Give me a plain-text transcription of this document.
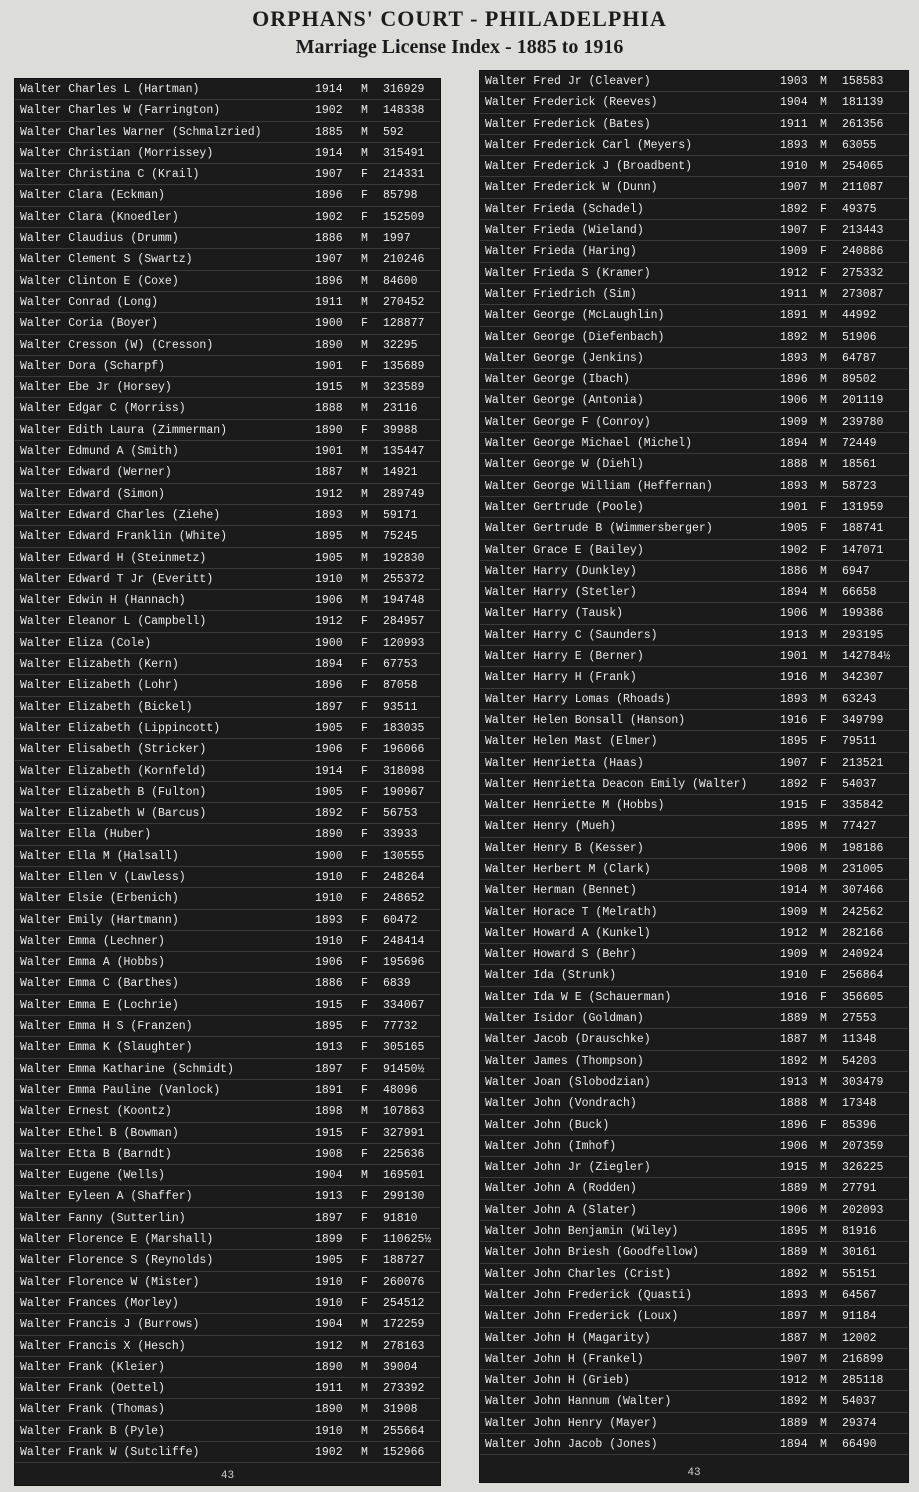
ORPHANS' COURT - PHILADELPHIA
Marriage License Index - 1885 to 1916
Walter Charles L (Hartman)	1914 M 316929
Walter Charles W (Farrington)	1902 M 148338
Walter Charles Warner (Schmalzried)	1885 M 592
Walter Christian (Morrissey)	1914 M 315491
Walter Christina C (Krail)	1907 F 214331
Walter Clara (Eckman)	1896 F 85798
Walter Clara (Knoedler)	1902 F 152509
Walter Claudius (Drumm)	1886 M 1997
Walter Clement S (Swartz)	1907 M 210246
Walter Clinton E (Coxe)	1896 M 84600
Walter Conrad (Long)	1911 M 270452
Walter Coria (Boyer)	1900 F 128877
Walter Cresson (W) (Cresson)	1890 M 32295
Walter Dora (Scharpf)	1901 F 135689
Walter Ebe Jr (Horsey)	1915 M 323589
Walter Edgar C (Morriss)	1888 M 23116
Walter Edith Laura (Zimmerman)	1890 F 39988
Walter Edmund A (Smith)	1901 M 135447
Walter Edward (Werner)	1887 M 14921
Walter Edward (Simon)	1912 M 289749
Walter Edward Charles (Ziehe)	1893 M 59171
Walter Edward Franklin (White)	1895 M 75245
Walter Edward H (Steinmetz)	1905 M 192830
Walter Edward T Jr (Everitt)	1910 M 255372
Walter Edwin H (Hannach)	1906 M 194748
Walter Eleanor L (Campbell)	1912 F 284957
Walter Eliza (Cole)	1900 F 120993
Walter Elizabeth (Kern)	1894 F 67753
Walter Elizabeth (Lohr)	1896 F 87058
Walter Elizabeth (Bickel)	1897 F 93511
Walter Elizabeth (Lippincott)	1905 F 183035
Walter Elisabeth (Stricker)	1906 F 196066
Walter Elizabeth (Kornfeld)	1914 F 318098
Walter Elizabeth B (Fulton)	1905 F 190967
Walter Elizabeth W (Barcus)	1892 F 56753
Walter Ella (Huber)	1890 F 33933
Walter Ella M (Halsall)	1900 F 130555
Walter Ellen V (Lawless)	1910 F 248264
Walter Elsie (Erbenich)	1910 F 248652
Walter Emily (Hartmann)	1893 F 60472
Walter Emma (Lechner)	1910 F 248414
Walter Emma A (Hobbs)	1906 F 195696
Walter Emma C (Barthes)	1886 F 6839
Walter Emma E (Lochrie)	1915 F 334067
Walter Emma H S (Franzen)	1895 F 77732
Walter Emma K (Slaughter)	1913 F 305165
Walter Emma Katharine (Schmidt)	1897 F 91450½
Walter Emma Pauline (Vanlock)	1891 F 48096
Walter Ernest (Koontz)	1898 M 107863
Walter Ethel B (Bowman)	1915 F 327991
Walter Etta B (Barndt)	1908 F 225636
Walter Eugene (Wells)	1904 M 169501
Walter Eyleen A (Shaffer)	1913 F 299130
Walter Fanny (Sutterlin)	1897 F 91810
Walter Florence E (Marshall)	1899 F 110625½
Walter Florence S (Reynolds)	1905 F 188727
Walter Florence W (Mister)	1910 F 260076
Walter Frances (Morley)	1910 F 254512
Walter Francis J (Burrows)	1904 M 172259
Walter Francis X (Hesch)	1912 M 278163
Walter Frank (Kleier)	1890 M 39004
Walter Frank (Oettel)	1911 M 273392
Walter Frank (Thomas)	1890 M 31908
Walter Frank B (Pyle)	1910 M 255664
Walter Frank W (Sutcliffe)	1902 M 152966
43
Walter Fred Jr (Cleaver)	1903 M 158583
Walter Frederick (Reeves)	1904 M 181139
Walter Frederick (Bates)	1911 M 261356
Walter Frederick Carl (Meyers)	1893 M 63055
Walter Frederick J (Broadbent)	1910 M 254065
Walter Frederick W (Dunn)	1907 M 211087
Walter Frieda (Schadel)	1892 F 49375
Walter Frieda (Wieland)	1907 F 213443
Walter Frieda (Haring)	1909 F 240886
Walter Frieda S (Kramer)	1912 F 275332
Walter Friedrich (Sim)	1911 M 273087
Walter George (McLaughlin)	1891 M 44992
Walter George (Diefenbach)	1892 M 51906
Walter George (Jenkins)	1893 M 64787
Walter George (Ibach)	1896 M 89502
Walter George (Antonia)	1906 M 201119
Walter George F (Conroy)	1909 M 239780
Walter George Michael (Michel)	1894 M 72449
Walter George W (Diehl)	1888 M 18561
Walter George William (Heffernan)	1893 M 58723
Walter Gertrude (Poole)	1901 F 131959
Walter Gertrude B (Wimmersberger)	1905 F 188741
Walter Grace E (Bailey)	1902 F 147071
Walter Harry (Dunkley)	1886 M 6947
Walter Harry (Stetler)	1894 M 66658
Walter Harry (Tausk)	1906 M 199386
Walter Harry C (Saunders)	1913 M 293195
Walter Harry E (Berner)	1901 M 142784½
Walter Harry H (Frank)	1916 M 342307
Walter Harry Lomas (Rhoads)	1893 M 63243
Walter Helen Bonsall (Hanson)	1916 F 349799
Walter Helen Mast (Elmer)	1895 F 79511
Walter Henrietta (Haas)	1907 F 213521
Walter Henrietta Deacon Emily (Walter)	1892 F 54037
Walter Henriette M (Hobbs)	1915 F 335842
Walter Henry (Mueh)	1895 M 77427
Walter Henry B (Kesser)	1906 M 198186
Walter Herbert M (Clark)	1908 M 231005
Walter Herman (Bennet)	1914 M 307466
Walter Horace T (Melrath)	1909 M 242562
Walter Howard A (Kunkel)	1912 M 282166
Walter Howard S (Behr)	1909 M 240924
Walter Ida (Strunk)	1910 F 256864
Walter Ida W E (Schauerman)	1916 F 356605
Walter Isidor (Goldman)	1889 M 27553
Walter Jacob (Drauschke)	1887 M 11348
Walter James (Thompson)	1892 M 54203
Walter Joan (Slobodzian)	1913 M 303479
Walter John (Vondrach)	1888 M 17348
Walter John (Buck)	1896 F 85396
Walter John (Imhof)	1906 M 207359
Walter John Jr (Ziegler)	1915 M 326225
Walter John A (Rodden)	1889 M 27791
Walter John A (Slater)	1906 M 202093
Walter John Benjamin (Wiley)	1895 M 81916
Walter John Briesh (Goodfellow)	1889 M 30161
Walter John Charles (Crist)	1892 M 55151
Walter John Frederick (Quasti)	1893 M 64567
Walter John Frederick (Loux)	1897 M 91184
Walter John H (Magarity)	1887 M 12002
Walter John H (Frankel)	1907 M 216899
Walter John H (Grieb)	1912 M 285118
Walter John Hannum (Walter)	1892 M 54037
Walter John Henry (Mayer)	1889 M 29374
Walter John Jacob (Jones)	1894 M 66490
43
